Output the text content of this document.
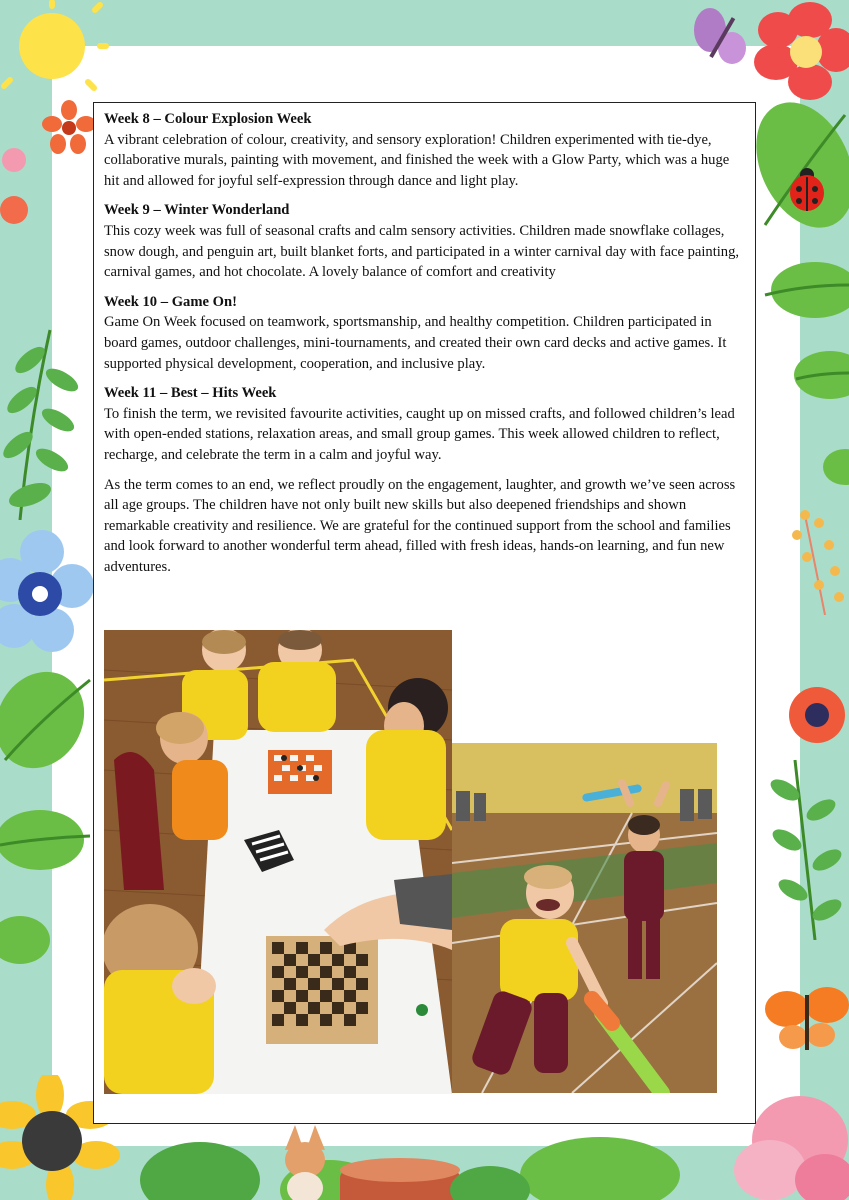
Week 8 – Colour Explosion Week

A vibrant celebration of colour, creativity, and sensory exploration! Children experimented with tie-dye, collaborative murals, painting with movement, and finished the week with a Glow Party, which was a huge hit and allowed for joyful self-expression through dance and light play.

Week 9 – Winter Wonderland

This cozy week was full of seasonal crafts and calm sensory activities. Children made snowflake collages, snow dough, and penguin art, built blanket forts, and participated in a winter carnival day with face painting, carnival games, and hot chocolate. A lovely balance of comfort and creativity

Week 10 – Game On!

Game On Week focused on teamwork, sportsmanship, and healthy competition. Children participated in board games, outdoor challenges, mini-tournaments, and created their own card decks and active games. It supported physical development, cooperation, and inclusive play.

Week 11 – Best – Hits Week

To finish the term, we revisited favourite activities, caught up on missed crafts, and followed children’s lead with open-ended stations, relaxation areas, and small group games. This week allowed children to reflect, recharge, and celebrate the term in a calm and joyful way.

As the term comes to an end, we reflect proudly on the engagement, laughter, and growth we’ve seen across all age groups. The children have not only built new skills but also deepened friendships and shown remarkable creativity and resilience. We are grateful for the continued support from the school and families and look forward to another wonderful term ahead, filled with fresh ideas, hands-on learning, and fun new adventures.
